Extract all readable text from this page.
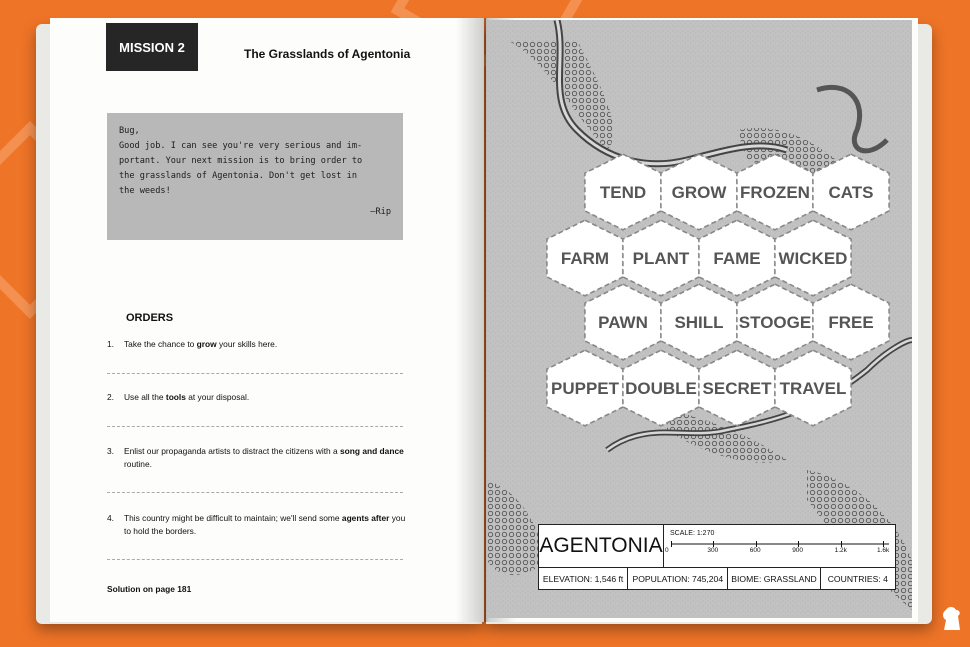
MISSION 2	The Grasslands of Agentonia

Bug,

Good job. I can see you're very serious and im-

portant. Your next mission is to bring order to

the grasslands of Agentonia. Don't get lost in

the weeds!

—Rip

ORDERS
1. Take the chance to grow your skills here.
2. Use all the tools at your disposal.
3. Enlist our propaganda artists to distract the citizens with a song and dance routine.
4. This country might be difficult to maintain; we'll send some agents after you to hold the borders.
Solution on page 181
TEND GROW FROZEN CATS
FARM PLANT FAME WICKED
PAWN SHILL STOOGE FREE
PUPPET DOUBLE SECRET TRAVEL
AGENTONIA
SCALE: 1:270
0	300	600	900	1.2k	1.6k
ELEVATION: 1,546 ft	POPULATION: 745,204 BIOME: GRASSLAND	COUNTRIES: 4
